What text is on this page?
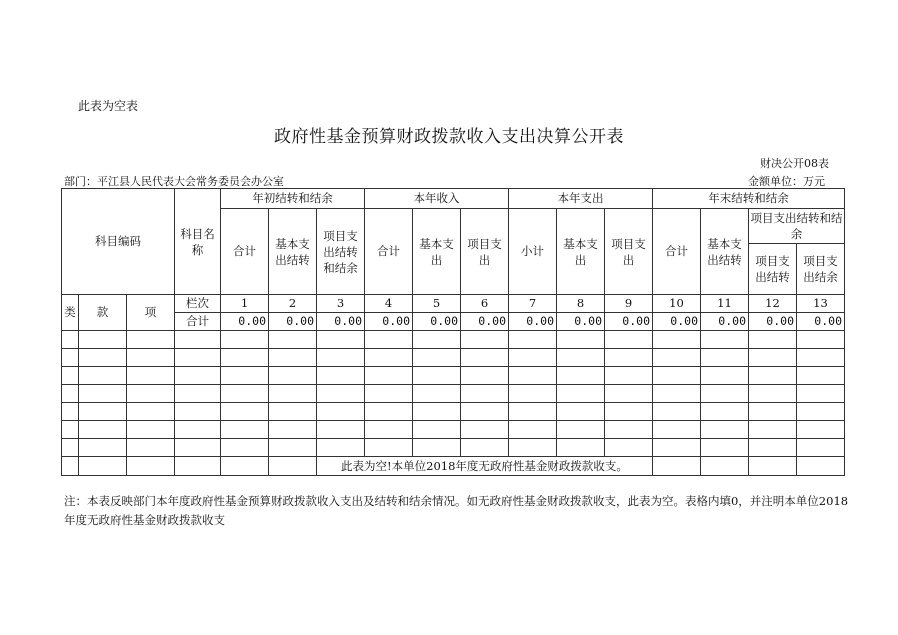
此表为空表
政府性基金预算财政拨款收入支出决算公开表
财决公开08表
部门：平江县人民代表大会常务委员会办公室	金额单位：万元
科目编码			科目名称	年初结转和结余			本年收入			本年支出			年末结转和结余			
				合计	基本支出结转	项目支出结转和结余	合计	基本支出	项目支出	小计	基本支出	项目支出	合计	基本支出结转	项目支出结转和结余	

															项目支出结转	项目支出结余

类	款	项	栏次	1	2	3	4	5	6	7	8	9	10	11	12	13
			合计	0.00	0.00	0.00	0.00	0.00	0.00	0.00	0.00	0.00	0.00	0.00	0.00	0.00

						此表为空!本单位2018年度无政府性基金财政拨款收支。										
注：本表反映部门本年度政府性基金预算财政拨款收入支出及结转和结余情况。如无政府性基金财政拨款收支，此表为空。表格内填0，并注明本单位2018年度无政府性基金财政拨款收支
